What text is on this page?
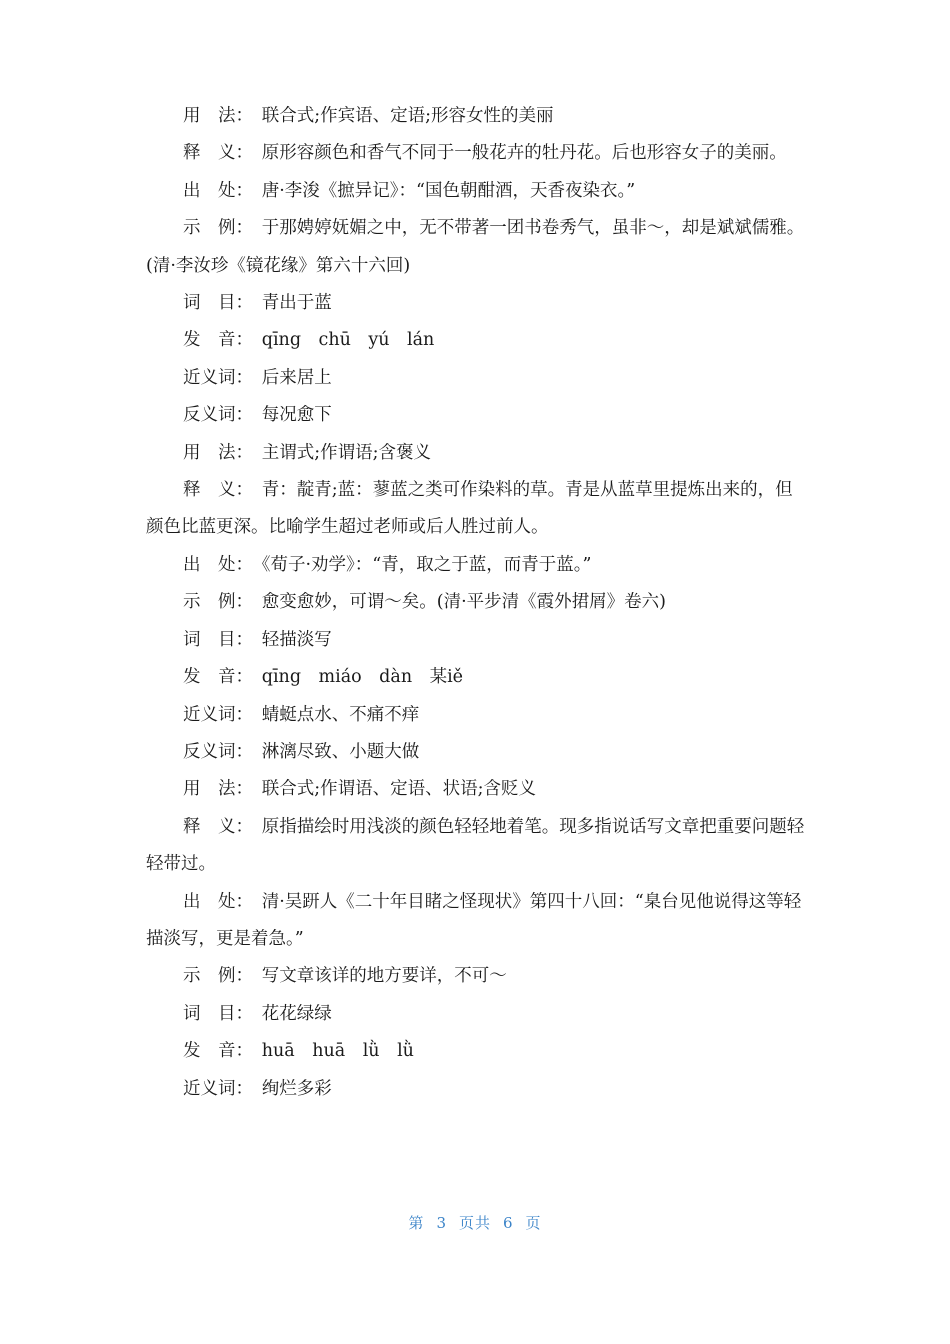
用　法：　联合式;作宾语、定语;形容女性的美丽

释　义：　原形容颜色和香气不同于一般花卉的牡丹花。后也形容女子的美丽。

出　处：　唐·李浚《摭异记》：“国色朝酣酒，天香夜染衣。”

示　例：　于那娉婷妩媚之中，无不带著一团书卷秀气，虽非～，却是斌斌儒雅。(清·李汝珍《镜花缘》第六十六回)

词　目：　青出于蓝

发　音：　qīng　chū　yú　lán

近义词：　后来居上

反义词：　每况愈下

用　法：　主谓式;作谓语;含褒义

释　义：　青：靛青;蓝：蓼蓝之类可作染料的草。青是从蓝草里提炼出来的，但颜色比蓝更深。比喻学生超过老师或后人胜过前人。

出　处：　《荀子·劝学》：“青，取之于蓝，而青于蓝。”

示　例：　愈变愈妙，可谓～矣。(清·平步清《霞外捃屑》卷六)

词　目：　轻描淡写

发　音：　qīng　miáo　dàn　某iě

近义词：　蜻蜓点水、不痛不痒

反义词：　淋漓尽致、小题大做

用　法：　联合式;作谓语、定语、状语;含贬义

释　义：　原指描绘时用浅淡的颜色轻轻地着笔。现多指说话写文章把重要问题轻轻带过。

出　处：　清·吴趼人《二十年目睹之怪现状》第四十八回：“臬台见他说得这等轻描淡写，更是着急。”

示　例：　写文章该详的地方要详，不可～

词　目：　花花绿绿

发　音：　huā　huā　lǜ　lǜ

近义词：　绚烂多彩

第 3 页共 6 页
